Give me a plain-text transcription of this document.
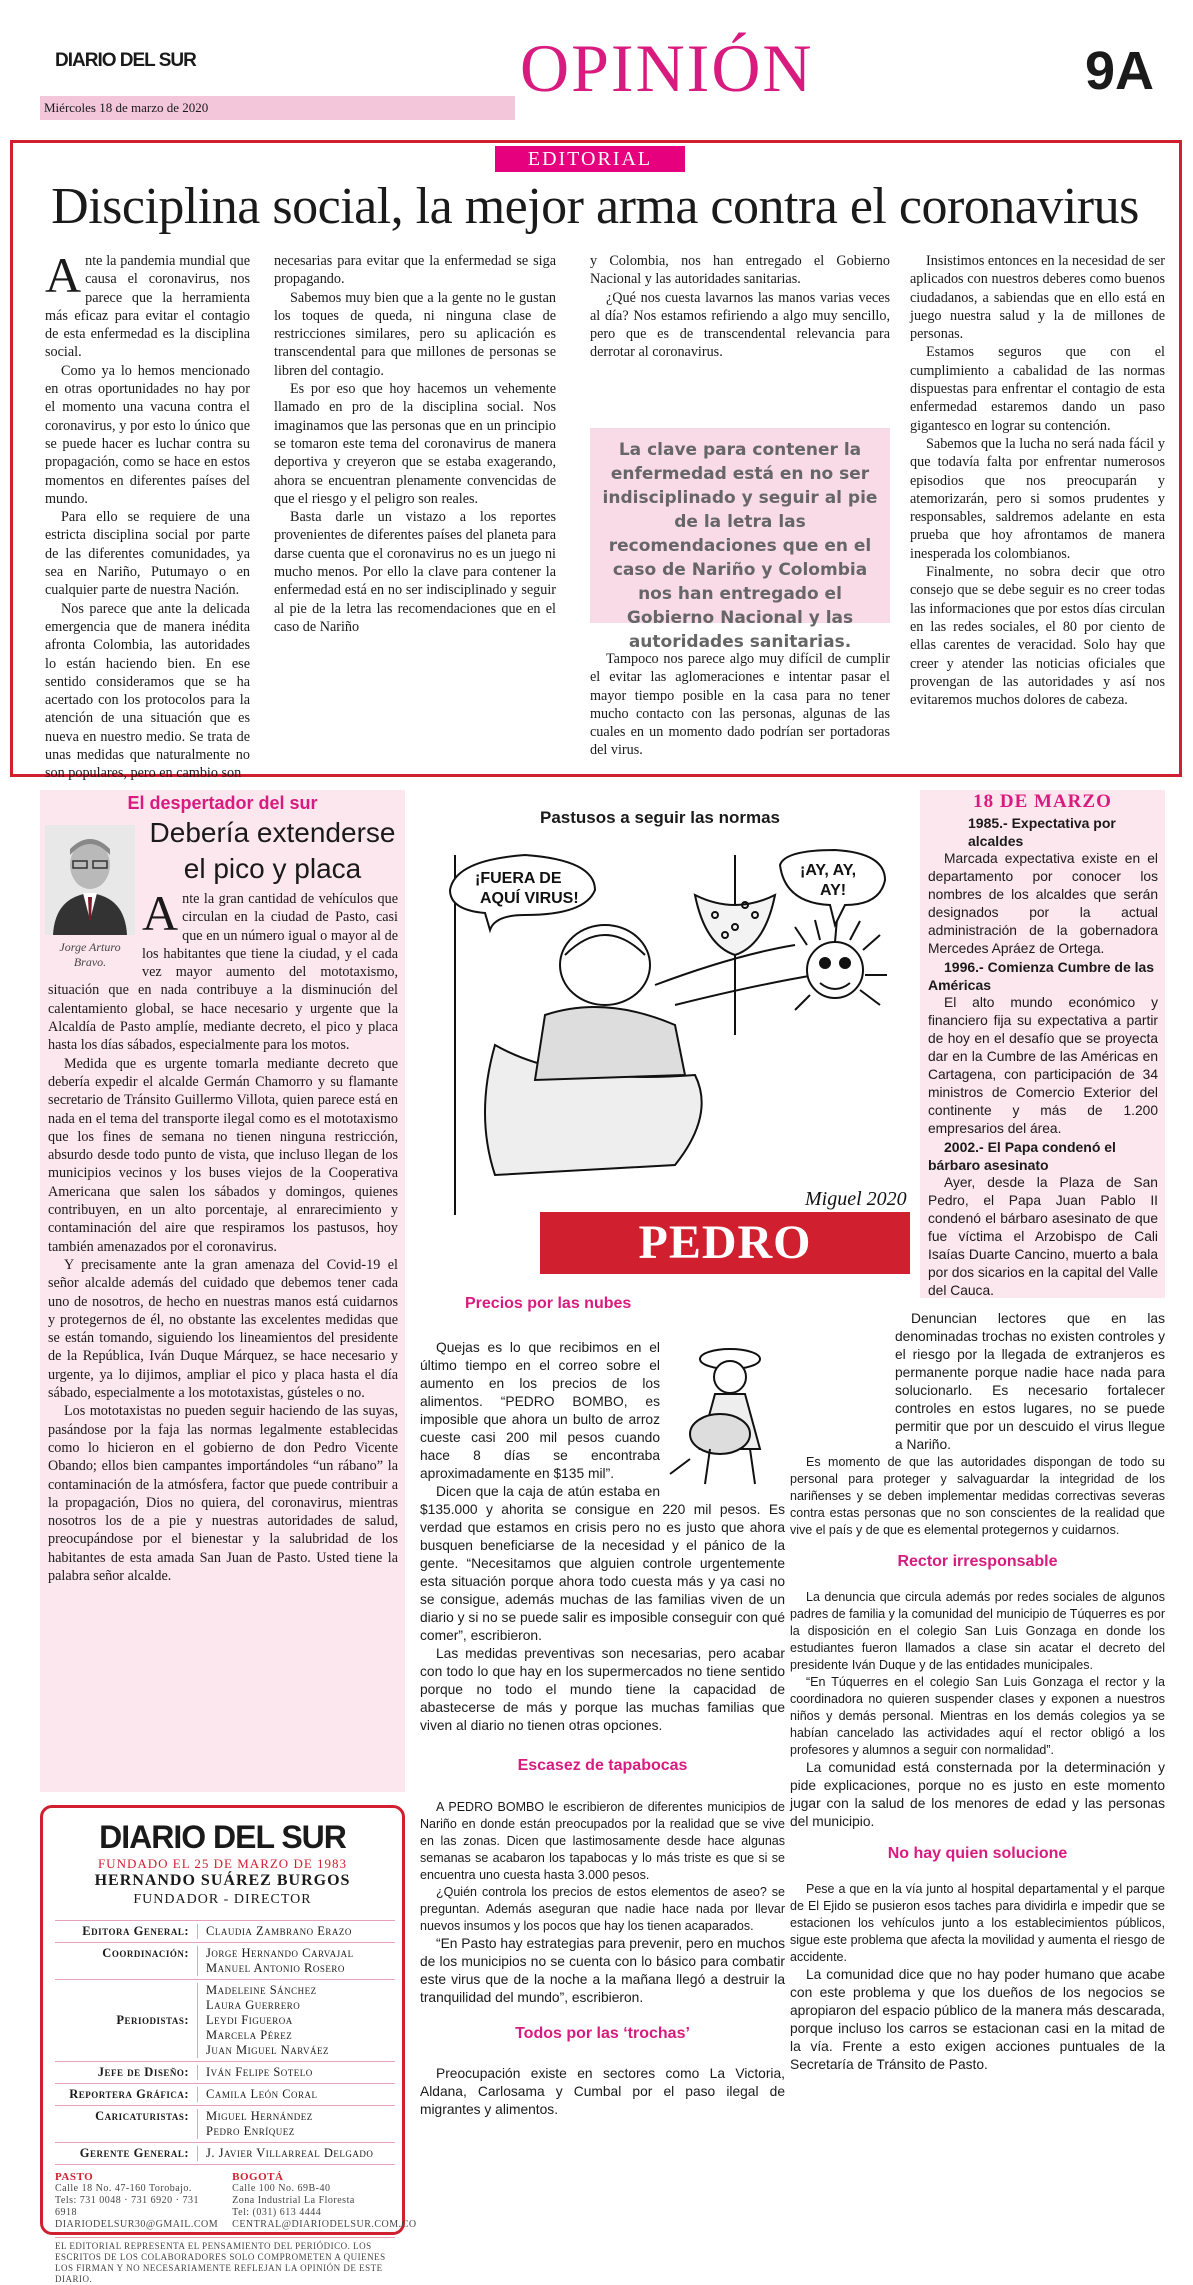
DIARIO DEL SUR
Miércoles 18 de marzo de 2020
OPINIÓN	9A
EDITORIAL
Disciplina social, la mejor arma contra el coronavirus

Ante la pandemia mundial que causa el coronavirus, nos parece que la herramienta más eficaz para evitar el contagio de esta enfermedad es la disciplina social.

Como ya lo hemos mencionado en otras oportunidades no hay por el momento una vacuna contra el coronavirus, y por esto lo único que se puede hacer es luchar contra su propagación, como se hace en estos momentos en diferentes países del mundo.

Para ello se requiere de una estricta disciplina social por parte de las diferentes comunidades, ya sea en Nariño, Putumayo o en cualquier parte de nuestra Nación.

Nos parece que ante la delicada emergencia que de manera inédita afronta Colombia, las autoridades lo están haciendo bien. En ese sentido consideramos que se ha acertado con los protocolos para la atención de una situación que es nueva en nuestro medio. Se trata de unas medidas que naturalmente no son populares, pero en cambio son

necesarias para evitar que la enfermedad se siga propagando.

Sabemos muy bien que a la gente no le gustan los toques de queda, ni ninguna clase de restricciones similares, pero su aplicación es transcendental para que millones de personas se libren del contagio.

Es por eso que hoy hacemos un vehemente llamado en pro de la disciplina social. Nos imaginamos que las personas que en un principio se tomaron este tema del coronavirus de manera deportiva y creyeron que se estaba exagerando, ahora se encuentran plenamente convencidas de que el riesgo y el peligro son reales.

Basta darle un vistazo a los reportes provenientes de diferentes países del planeta para darse cuenta que el coronavirus no es un juego ni mucho menos. Por ello la clave para contener la enfermedad está en no ser indisciplinado y seguir al pie de la letra las recomendaciones que en el caso de Nariño

y Colombia, nos han entregado el Gobierno Nacional y las autoridades sanitarias.

¿Qué nos cuesta lavarnos las manos varias veces al día? Nos estamos refiriendo a algo muy sencillo, pero que es de transcendental relevancia para derrotar al coronavirus.

La clave para contener la enfermedad está en no ser indisciplinado y seguir al pie de la letra las recomendaciones que en el caso de Nariño y Colombia nos han entregado el Gobierno Nacional y las autoridades sanitarias.

Tampoco nos parece algo muy difícil de cumplir el evitar las aglomeraciones e intentar pasar el mayor tiempo posible en la casa para no tener mucho contacto con las personas, algunas de las cuales en un momento dado podrían ser portadoras del virus.

Insistimos entonces en la necesidad de ser aplicados con nuestros deberes como buenos ciudadanos, a sabiendas que en ello está en juego nuestra salud y la de millones de personas.

Estamos seguros que con el cumplimiento a cabalidad de las normas dispuestas para enfrentar el contagio de esta enfermedad estaremos dando un paso gigantesco en lograr su contención.

Sabemos que la lucha no será nada fácil y que todavía falta por enfrentar numerosos episodios que nos preocuparán y atemorizarán, pero si somos prudentes y responsables, saldremos adelante en esta prueba que hoy afrontamos de manera inesperada los colombianos.

Finalmente, no sobra decir que otro consejo que se debe seguir es no creer todas las informaciones que por estos días circulan en las redes sociales, el 80 por ciento de ellas carentes de veracidad. Solo hay que creer y atender las noticias oficiales que provengan de las autoridades y así nos evitaremos muchos dolores de cabeza.

El despertador del sur
Jorge Arturo Bravo.
Debería extenderse el pico y placa

Ante la gran cantidad de vehículos que circulan en la ciudad de Pasto, casi que en un número igual o mayor al de los habitantes que tiene la ciudad, y el cada vez mayor aumento del mototaxismo, situación que en nada contribuye a la disminución del calentamiento global, se hace necesario y urgente que la Alcaldía de Pasto amplíe, mediante decreto, el pico y placa hasta los días sábados, especialmente para los motos.

Medida que es urgente tomarla mediante decreto que debería expedir el alcalde Germán Chamorro y su flamante secretario de Tránsito Guillermo Villota, quien parece está en nada en el tema del transporte ilegal como es el mototaxismo que los fines de semana no tienen ninguna restricción, absurdo desde todo punto de vista, que incluso llegan de los municipios vecinos y los buses viejos de la Cooperativa Americana que salen los sábados y domingos, quienes contribuyen, en un alto porcentaje, al enrarecimiento y contaminación del aire que respiramos los pastusos, hoy también amenazados por el coronavirus.

Y precisamente ante la gran amenaza del Covid-19 el señor alcalde además del cuidado que debemos tener cada uno de nosotros, de hecho en nuestras manos está cuidarnos y protegernos de él, no obstante las excelentes medidas que se están tomando, siguiendo los lineamientos del presidente de la República, Iván Duque Márquez, se hace necesario y urgente, ya lo dijimos, ampliar el pico y placa hasta el día sábado, especialmente a los mototaxistas, gústeles o no.

Los mototaxistas no pueden seguir haciendo de las suyas, pasándose por la faja las normas legalmente establecidas como lo hicieron en el gobierno de don Pedro Vicente Obando; ellos bien campantes importándoles “un rábano” la contaminación de la atmósfera, factor que puede contribuir a la propagación, Dios no quiera, del coronavirus, mientras nosotros los de a pie y nuestras autoridades de salud, preocupándose por el bienestar y la salubridad de los habitantes de esta amada San Juan de Pasto. Usted tiene la palabra señor alcalde.

DIARIO DEL SUR
FUNDADO EL 25 DE MARZO DE 1983
HERNANDO SUÁREZ BURGOS
FUNDADOR - DIRECTOR
Editora General:	Claudia Zambrano Erazo
Coordinación:	Jorge Hernando Carvajal
Manuel Antonio Rosero
Periodistas:
Madeleine Sánchez
Laura Guerrero
Leydi Figueroa
Marcela Pérez
Juan Miguel Narváez
Jefe de Diseño:	Iván Felipe Sotelo
Reportera Gráfica:	Camila León Coral
Caricaturistas:	Miguel Hernández
Pedro Enríquez
Gerente General:	J. Javier Villarreal Delgado
PASTO
Calle 18 No. 47-160 Torobajo.
Tels: 731 0048 · 731 6920 · 731 6918
DIARIODELSUR30@GMAIL.COM
BOGOTÁ
Calle 100 No. 69B-40
Zona Industrial La Floresta
Tel: (031) 613 4444
CENTRAL@DIARIODELSUR.COM.CO
EL EDITORIAL REPRESENTA EL PENSAMIENTO DEL PERIÓDICO. LOS ESCRITOS DE LOS COLABORADORES SOLO COMPROMETEN A QUIENES LOS FIRMAN Y NO NECESARIAMENTE REFLEJAN LA OPINIÓN DE ESTE DIARIO.
Pastusos a seguir las normas
¡FUERA DE
AQUÍ VIRUS!
¡AY, AY,
AY!
Miguel 2020
PEDRO BOMBO
18 DE MARZO
1985.- Expectativa por alcaldes
Marcada expectativa existe en el departamento por conocer los nombres de los alcaldes que serán designados por la actual administración de la gobernadora Mercedes Apráez de Ortega.
1996.- Comienza Cumbre de las Américas
El alto mundo económico y financiero fija su expectativa a partir de hoy en el desafío que se proyecta dar en la Cumbre de las Américas en Cartagena, con participación de 34 ministros de Comercio Exterior del continente y más de 1.200 empresarios del área.
2002.- El Papa condenó el bárbaro asesinato
Ayer, desde la Plaza de San Pedro, el Papa Juan Pablo II condenó el bárbaro asesinato de que fue víctima el Arzobispo de Cali Isaías Duarte Cancino, muerto a bala por dos sicarios en la capital del Valle del Cauca.
Precios por las nubes

Quejas es lo que recibimos en el último tiempo en el correo sobre el aumento en los precios de los alimentos. “PEDRO BOMBO, es imposible que ahora un bulto de arroz cueste casi 200 mil pesos cuando hace 8 días se encontraba aproximadamente en $135 mil”.

Dicen que la caja de atún estaba en $135.000 y ahorita se consigue en 220 mil pesos. Es verdad que estamos en crisis pero no es justo que ahora busquen beneficiarse de la necesidad y el pánico de la gente. “Necesitamos que alguien controle urgentemente esta situación porque ahora todo cuesta más y ya casi no se consigue, además muchas de las familias viven de un diario y si no se puede salir es imposible conseguir con qué comer”, escribieron.

Las medidas preventivas son necesarias, pero acabar con todo lo que hay en los supermercados no tiene sentido porque no todo el mundo tiene la capacidad de abastecerse de más y porque las muchas familias que viven al diario no tienen otras opciones.

Escasez de tapabocas

A PEDRO BOMBO le escribieron de diferentes municipios de Nariño en donde están preocupados por la realidad que se vive en las zonas. Dicen que lastimosamente desde hace algunas semanas se acabaron los tapabocas y lo más triste es que si se encuentra uno cuesta hasta 3.000 pesos.

¿Quién controla los precios de estos elementos de aseo? se preguntan. Además aseguran que nadie hace nada por llevar nuevos insumos y los pocos que hay los tienen acaparados.

“En Pasto hay estrategias para prevenir, pero en muchos de los municipios no se cuenta con lo básico para combatir este virus que de la noche a la mañana llegó a destruir la tranquilidad del mundo”, escribieron.

Todos por las ‘trochas’

Preocupación existe en sectores como La Victoria, Aldana, Carlosama y Cumbal por el paso ilegal de migrantes y alimentos.

Denuncian lectores que en las denominadas trochas no existen controles y el riesgo por la llegada de extranjeros es permanente porque nadie hace nada para solucionarlo. Es necesario fortalecer controles en estos lugares, no se puede permitir que por un descuido el virus llegue a Nariño.

Es momento de que las autoridades dispongan de todo su personal para proteger y salvaguardar la integridad de los nariñenses y se deben implementar medidas correctivas severas contra estas personas que no son conscientes de la realidad que vive el país y de que es elemental protegernos y cuidarnos.

Rector irresponsable

La denuncia que circula además por redes sociales de algunos padres de familia y la comunidad del municipio de Túquerres es por la disposición en el colegio San Luis Gonzaga en donde los estudiantes fueron llamados a clase sin acatar el decreto del presidente Iván Duque y de las entidades municipales.

“En Túquerres en el colegio San Luis Gonzaga el rector y la coordinadora no quieren suspender clases y exponen a nuestros niños y demás personal. Mientras en los demás colegios ya se habían cancelado las actividades aquí el rector obligó a los profesores y alumnos a seguir con normalidad”.

La comunidad está consternada por la determinación y pide explicaciones, porque no es justo en este momento jugar con la salud de los menores de edad y las personas del municipio.

No hay quien solucione

Pese a que en la vía junto al hospital departamental y el parque de El Ejido se pusieron esos taches para dividirla e impedir que se estacionen los vehículos junto a los establecimientos públicos, sigue este problema que afecta la movilidad y aumenta el riesgo de accidente.

La comunidad dice que no hay poder humano que acabe con este problema y que los dueños de los negocios se apropiaron del espacio público de la manera más descarada, porque incluso los carros se estacionan casi en la mitad de la vía. Frente a esto exigen acciones puntuales de la Secretaría de Tránsito de Pasto.
